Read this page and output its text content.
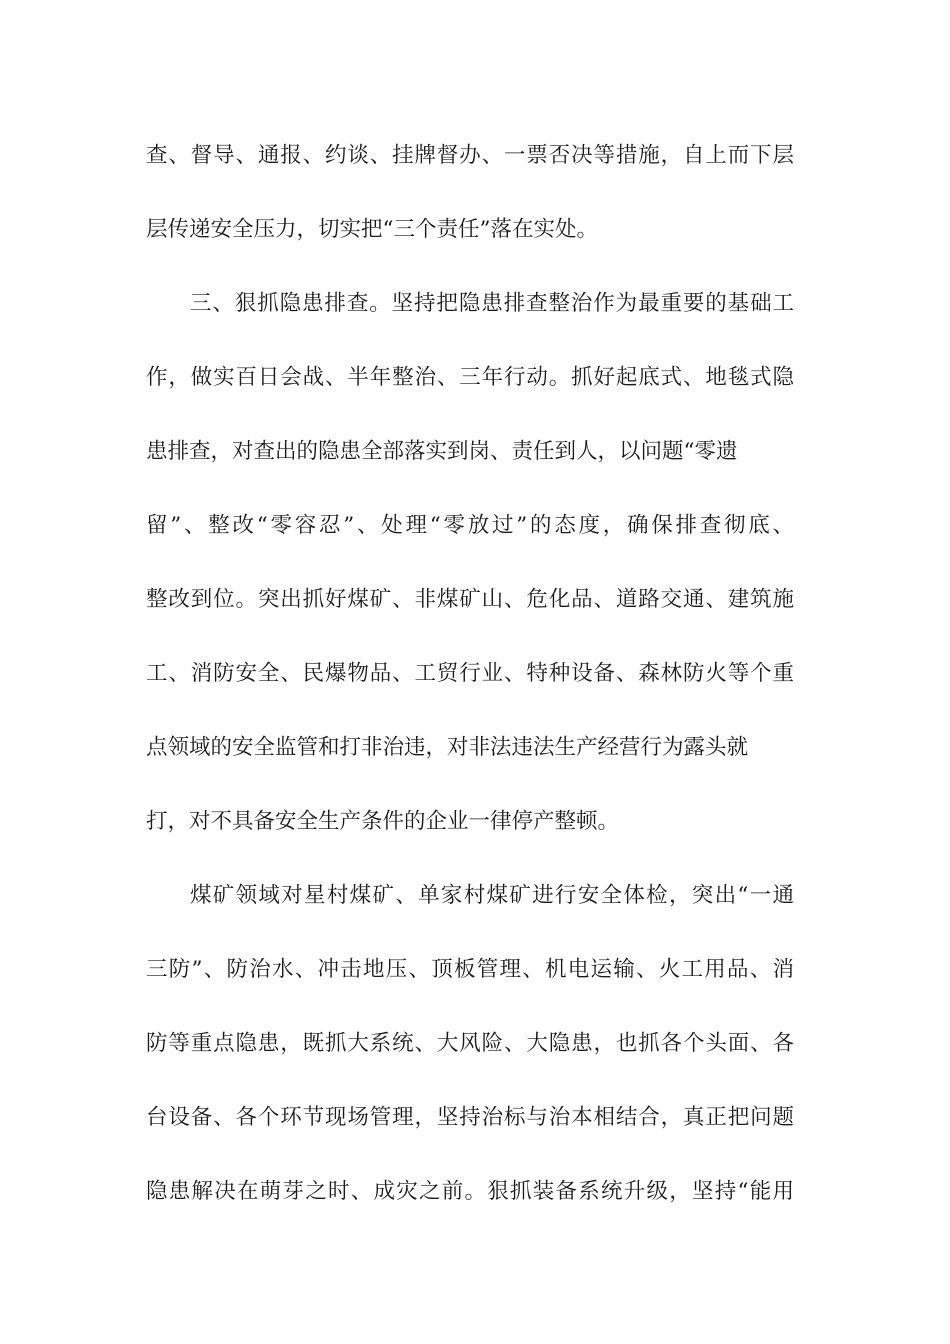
查、督导、通报、约谈、挂牌督办、一票否决等措施，自上而下层
层传递安全压力，切实把“三个责任”落在实处。
三、狠抓隐患排查。坚持把隐患排查整治作为最重要的基础工
作，做实百日会战、半年整治、三年行动。抓好起底式、地毯式隐
患排查，对查出的隐患全部落实到岗、责任到人，以问题“零遗
留”、整改“零容忍”、处理“零放过”的态度，确保排查彻底、
整改到位。突出抓好煤矿、非煤矿山、危化品、道路交通、建筑施
工、消防安全、民爆物品、工贸行业、特种设备、森林防火等个重
点领域的安全监管和打非治违，对非法违法生产经营行为露头就
打，对不具备安全生产条件的企业一律停产整顿。
煤矿领域对星村煤矿、单家村煤矿进行安全体检，突出“一通
三防”、防治水、冲击地压、顶板管理、机电运输、火工用品、消
防等重点隐患，既抓大系统、大风险、大隐患，也抓各个头面、各
台设备、各个环节现场管理，坚持治标与治本相结合，真正把问题
隐患解决在萌芽之时、成灾之前。狠抓装备系统升级，坚持“能用
